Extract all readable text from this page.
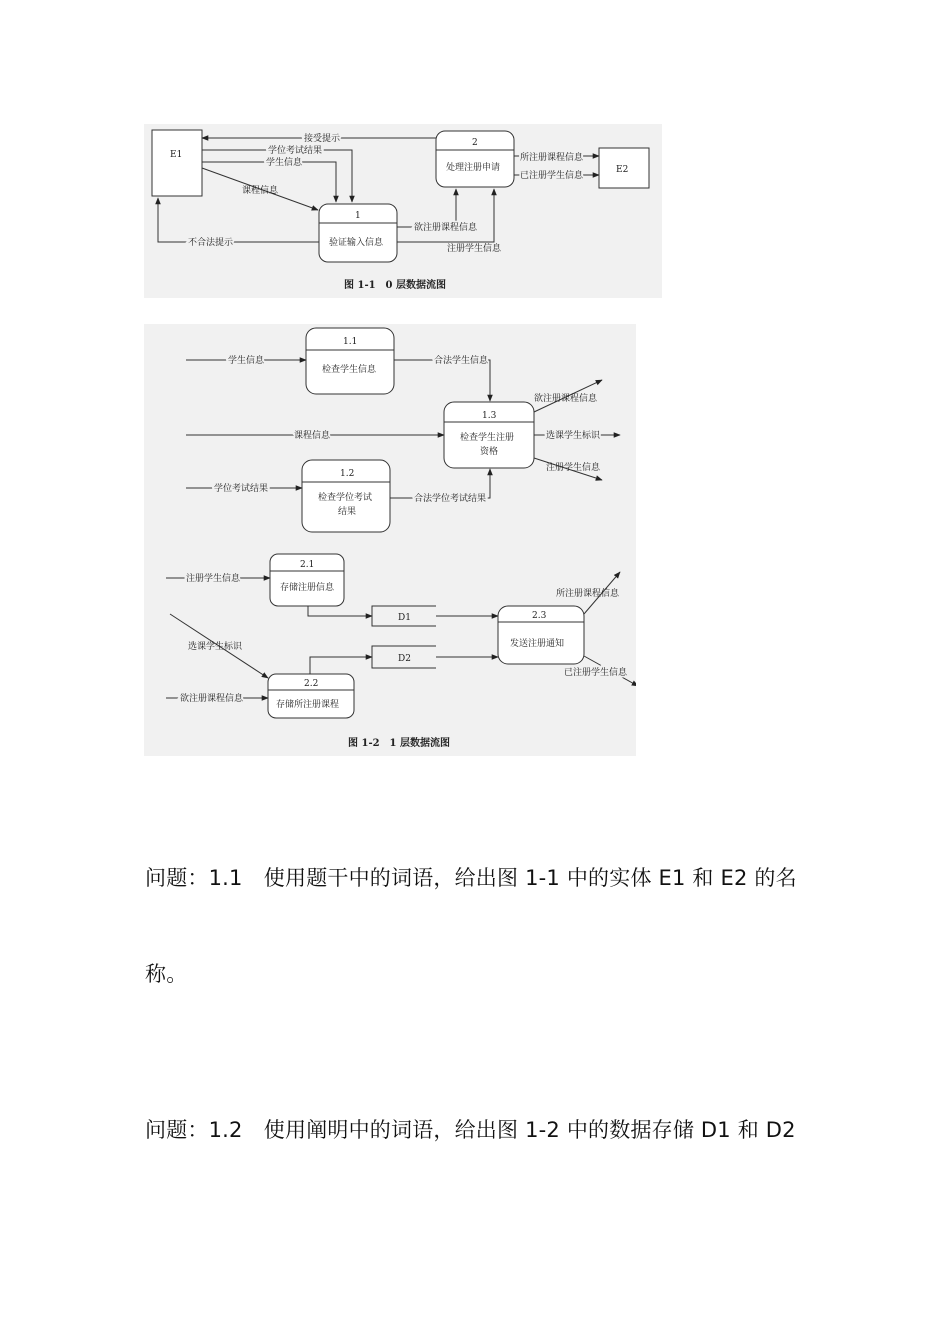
E1
E2
2
处理注册申请
1
验证输入信息
接受提示
学位考试结果
学生信息
课程信息
不合法提示
欲注册课程信息
注册学生信息
所注册课程信息
已注册学生信息
图 1-1　0 层数据流图
1.1
检查学生信息
1.3
检查学生注册
资格
1.2
检查学位考试
结果
2.1
存储注册信息
2.2
存储所注册课程
2.3
发送注册通知
D1
D2
学生信息	合法学生信息
课程信息
学位考试结果
合法学位考试结果
欲注册课程信息
选课学生标识
注册学生信息
注册学生信息
选课学生标识
欲注册课程信息
所注册课程信息
已注册学生信息
图 1-2　1 层数据流图
问题：1.1　使用题干中的词语，给出图 1-1 中的实体 E1 和 E2 的名
称。
问题：1.2　使用阐明中的词语，给出图 1-2 中的数据存储 D1 和 D2
